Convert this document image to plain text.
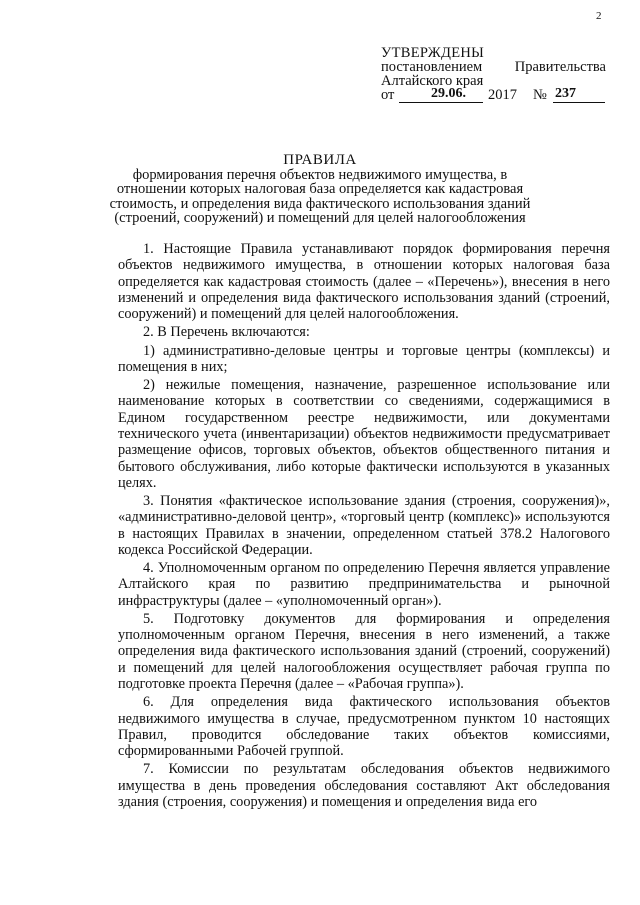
2
УТВЕРЖДЕНЫ
постановлением Правительства
Алтайского края
от	29.06. 2017 № 237
ПРАВИЛА
формирования перечня объектов недвижимого имущества, в отношении которых налоговая база определяется как кадастровая стоимость, и определения вида фактического использования зданий (строений, сооружений) и помещений для целей налогообложения

1. Настоящие Правила устанавливают порядок формирования перечня объектов недвижимого имущества, в отношении которых налоговая база определяется как кадастровая стоимость (далее – «Перечень»), внесения в него изменений и определения вида фактического использования зданий (строений, сооружений) и помещений для целей налогообложения.

2. В Перечень включаются:

1) административно-деловые центры и торговые центры (комплексы) и помещения в них;

2) нежилые помещения, назначение, разрешенное использование или наименование которых в соответствии со сведениями, содержащимися в Едином государственном реестре недвижимости, или документами технического учета (инвентаризации) объектов недвижимости предусматривает размещение офисов, торговых объектов, объектов общественного питания и бытового обслуживания, либо которые фактически используются в указанных целях.

3. Понятия «фактическое использование здания (строения, сооружения)», «административно-деловой центр», «торговый центр (комплекс)» используются в настоящих Правилах в значении, определенном статьей 378.2 Налогового кодекса Российской Федерации.

4. Уполномоченным органом по определению Перечня является управление Алтайского края по развитию предпринимательства и рыночной инфраструктуры (далее – «уполномоченный орган»).

5. Подготовку документов для формирования и определения уполномоченным органом Перечня, внесения в него изменений, а также определения вида фактического использования зданий (строений, сооружений) и помещений для целей налогообложения осуществляет рабочая группа по подготовке проекта Перечня (далее – «Рабочая группа»).

6. Для определения вида фактического использования объектов недвижимого имущества в случае, предусмотренном пунктом 10 настоящих Правил, проводится обследование таких объектов комиссиями, сформированными Рабочей группой.

7. Комиссии по результатам обследования объектов недвижимого имущества в день проведения обследования составляют Акт обследования здания (строения, сооружения) и помещения и определения вида его
